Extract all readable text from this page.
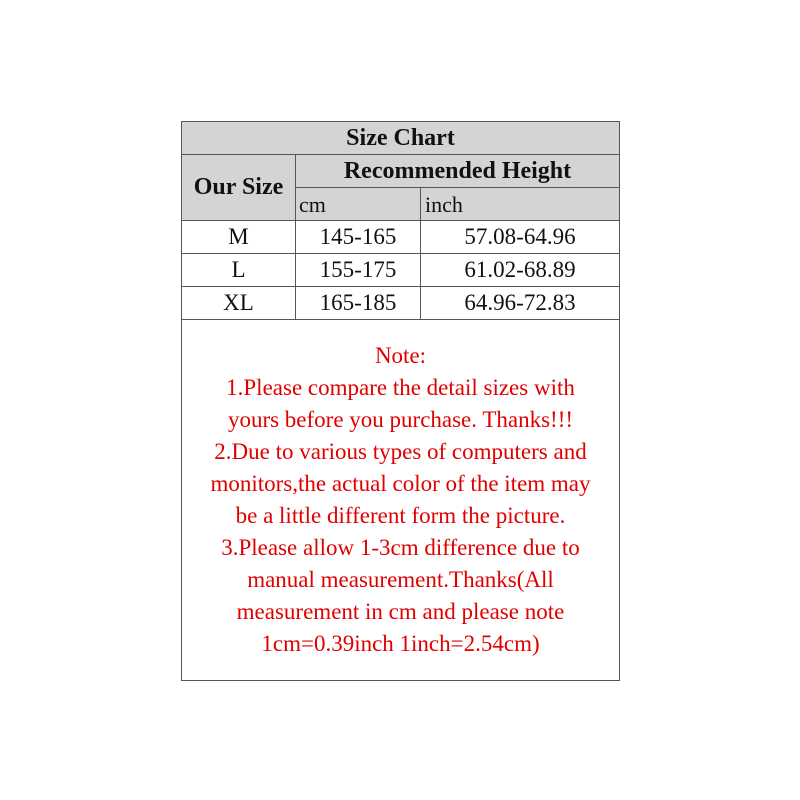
Size Chart
Our Size
Recommended Height
cm	inch
M	145-165	57.08-64.96
L	155-175	61.02-68.89
XL	165-185	64.96-72.83
Note:
1.Please compare the detail sizes with
yours before you purchase. Thanks!!!
2.Due to various types of computers and
monitors,the actual color of the item may
be a little different form the picture.
3.Please allow 1-3cm difference due to
manual measurement.Thanks(All
measurement in cm and please note
1cm=0.39inch 1inch=2.54cm)
